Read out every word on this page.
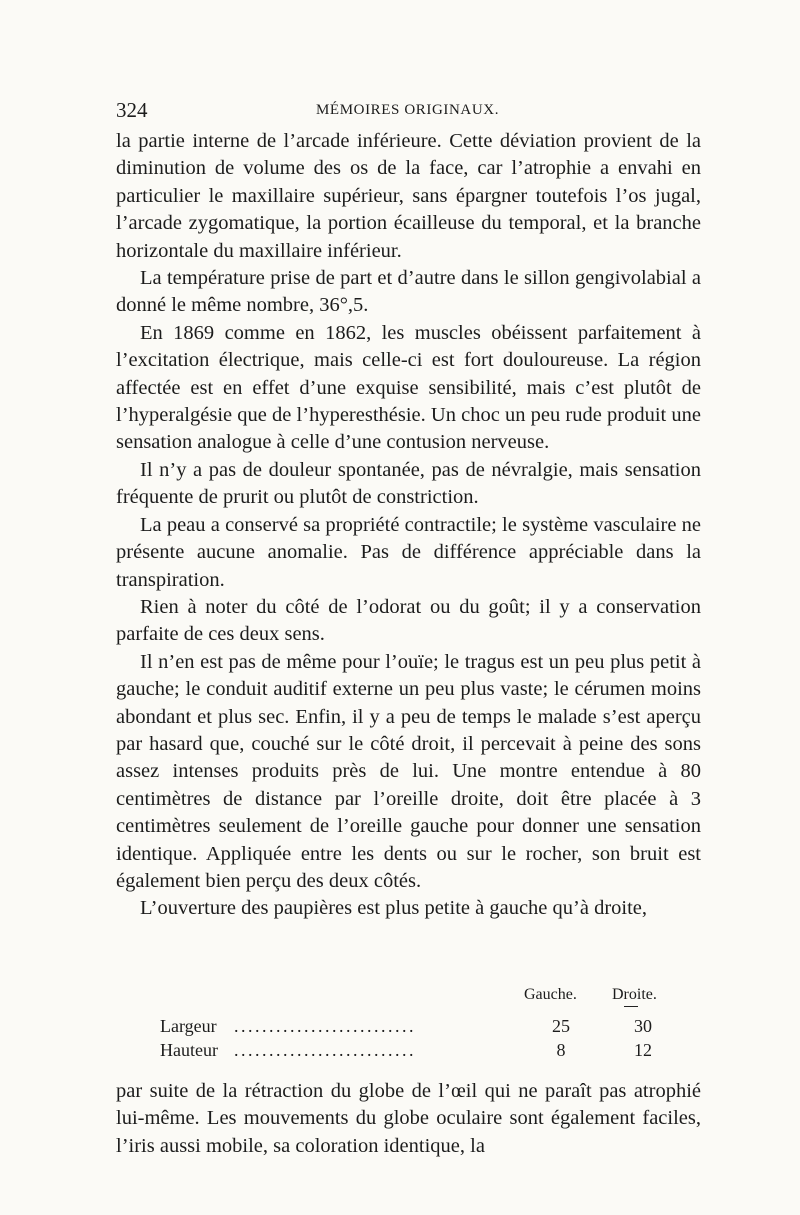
324	MÉMOIRES ORIGINAUX.

la partie interne de l’arcade inférieure. Cette déviation provient de la diminution de volume des os de la face, car l’atrophie a envahi en particulier le maxillaire supérieur, sans épargner toutefois l’os jugal, l’arcade zygomatique, la portion écailleuse du temporal, et la branche horizontale du maxillaire inférieur.

La température prise de part et d’autre dans le sillon gengivolabial a donné le même nombre, 36°,5.

En 1869 comme en 1862, les muscles obéissent parfaitement à l’excitation électrique, mais celle-ci est fort douloureuse. La région affectée est en effet d’une exquise sensibilité, mais c’est plutôt de l’hyperalgésie que de l’hyperesthésie. Un choc un peu rude produit une sensation analogue à celle d’une contusion nerveuse.

Il n’y a pas de douleur spontanée, pas de névralgie, mais sensation fréquente de prurit ou plutôt de constriction.

La peau a conservé sa propriété contractile; le système vasculaire ne présente aucune anomalie. Pas de différence appréciable dans la transpiration.

Rien à noter du côté de l’odorat ou du goût; il y a conservation parfaite de ces deux sens.

Il n’en est pas de même pour l’ouïe; le tragus est un peu plus petit à gauche; le conduit auditif externe un peu plus vaste; le cérumen moins abondant et plus sec. Enfin, il y a peu de temps le malade s’est aperçu par hasard que, couché sur le côté droit, il percevait à peine des sons assez intenses produits près de lui. Une montre entendue à 80 centimètres de distance par l’oreille droite, doit être placée à 3 centimètres seulement de l’oreille gauche pour donner une sensation identique. Appliquée entre les dents ou sur le rocher, son bruit est également bien perçu des deux côtés.

L’ouverture des paupières est plus petite à gauche qu’à droite,

Gauche. Droite.
Largeur ..........................	25	30
Hauteur ..........................	8	12

par suite de la rétraction du globe de l’œil qui ne paraît pas atrophié lui-même. Les mouvements du globe oculaire sont également faciles, l’iris aussi mobile, sa coloration identique, la
